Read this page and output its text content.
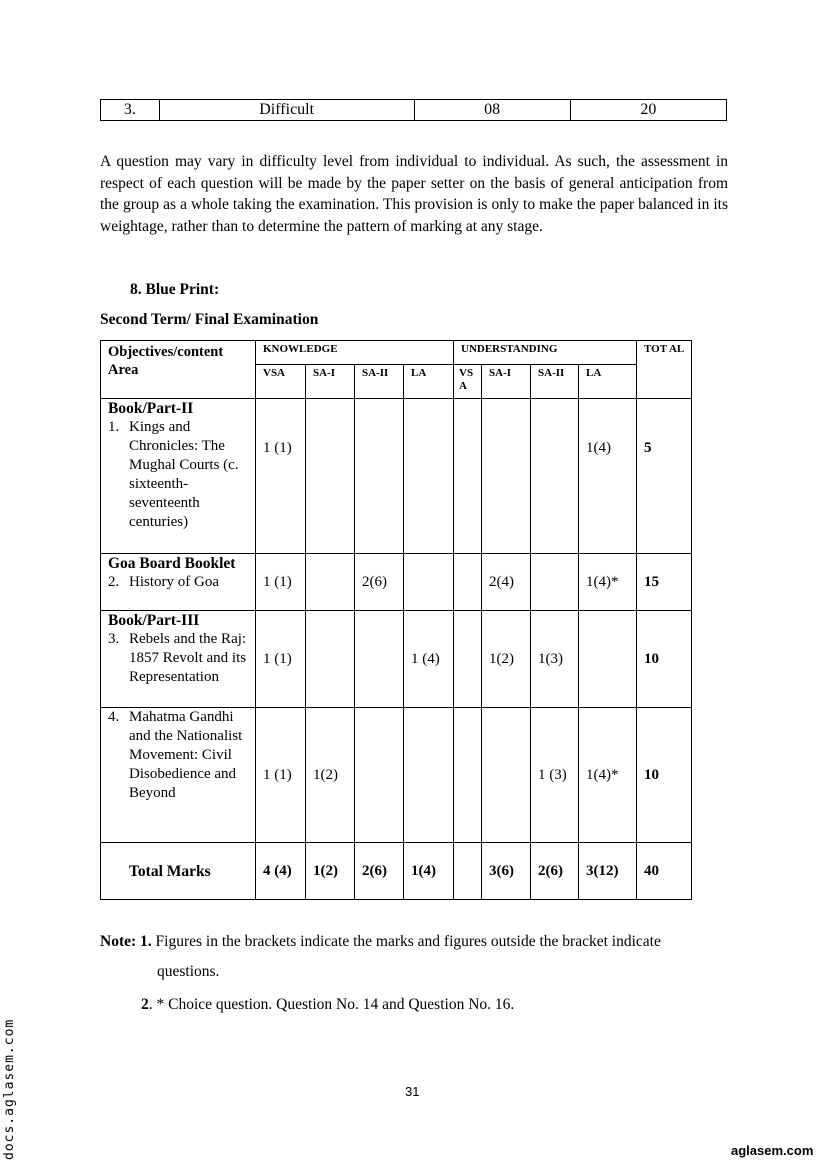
3.	Difficult	08	20
A question may vary in difficulty level from individual to individual. As such, the assessment in respect of each question will be made by the paper setter on the basis of general anticipation from the group as a whole taking the examination. This provision is only to make the paper balanced in its weightage, rather than to determine the pattern of marking at any stage.
8. Blue Print:
Second Term/ Final Examination
Objectives/content Area	KNOWLEDGE				UNDERSTANDING				TOT AL
	VSA	SA-I	SA-II	LA	VS A	SA-I	SA-II	LA	

Book/Part-II
1. Kings and Chronicles: The Mughal Courts (c. sixteenth-seventeenth centuries)	1 (1)							1(4)	5

Goa Board Booklet
2. History of Goa	1 (1)		2(6)			2(4)		1(4)*	15

Book/Part-III
3. Rebels and the Raj: 1857 Revolt and its Representation	1 (1)			1 (4)		1(2)	1(3)		10

4. Mahatma Gandhi and the Nationalist Movement: Civil Disobedience and Beyond	1 (1)	1(2)					1 (3)	1(4)*	10
Total Marks	4 (4)	1(2)	2(6)	1(4)		3(6)	2(6)	3(12)	40
Note: 1. Figures in the brackets indicate the marks and figures outside the bracket indicate
questions.
2. * Choice question. Question No. 14 and Question No. 16.
31
docs.aglasem.com	aglasem.com
